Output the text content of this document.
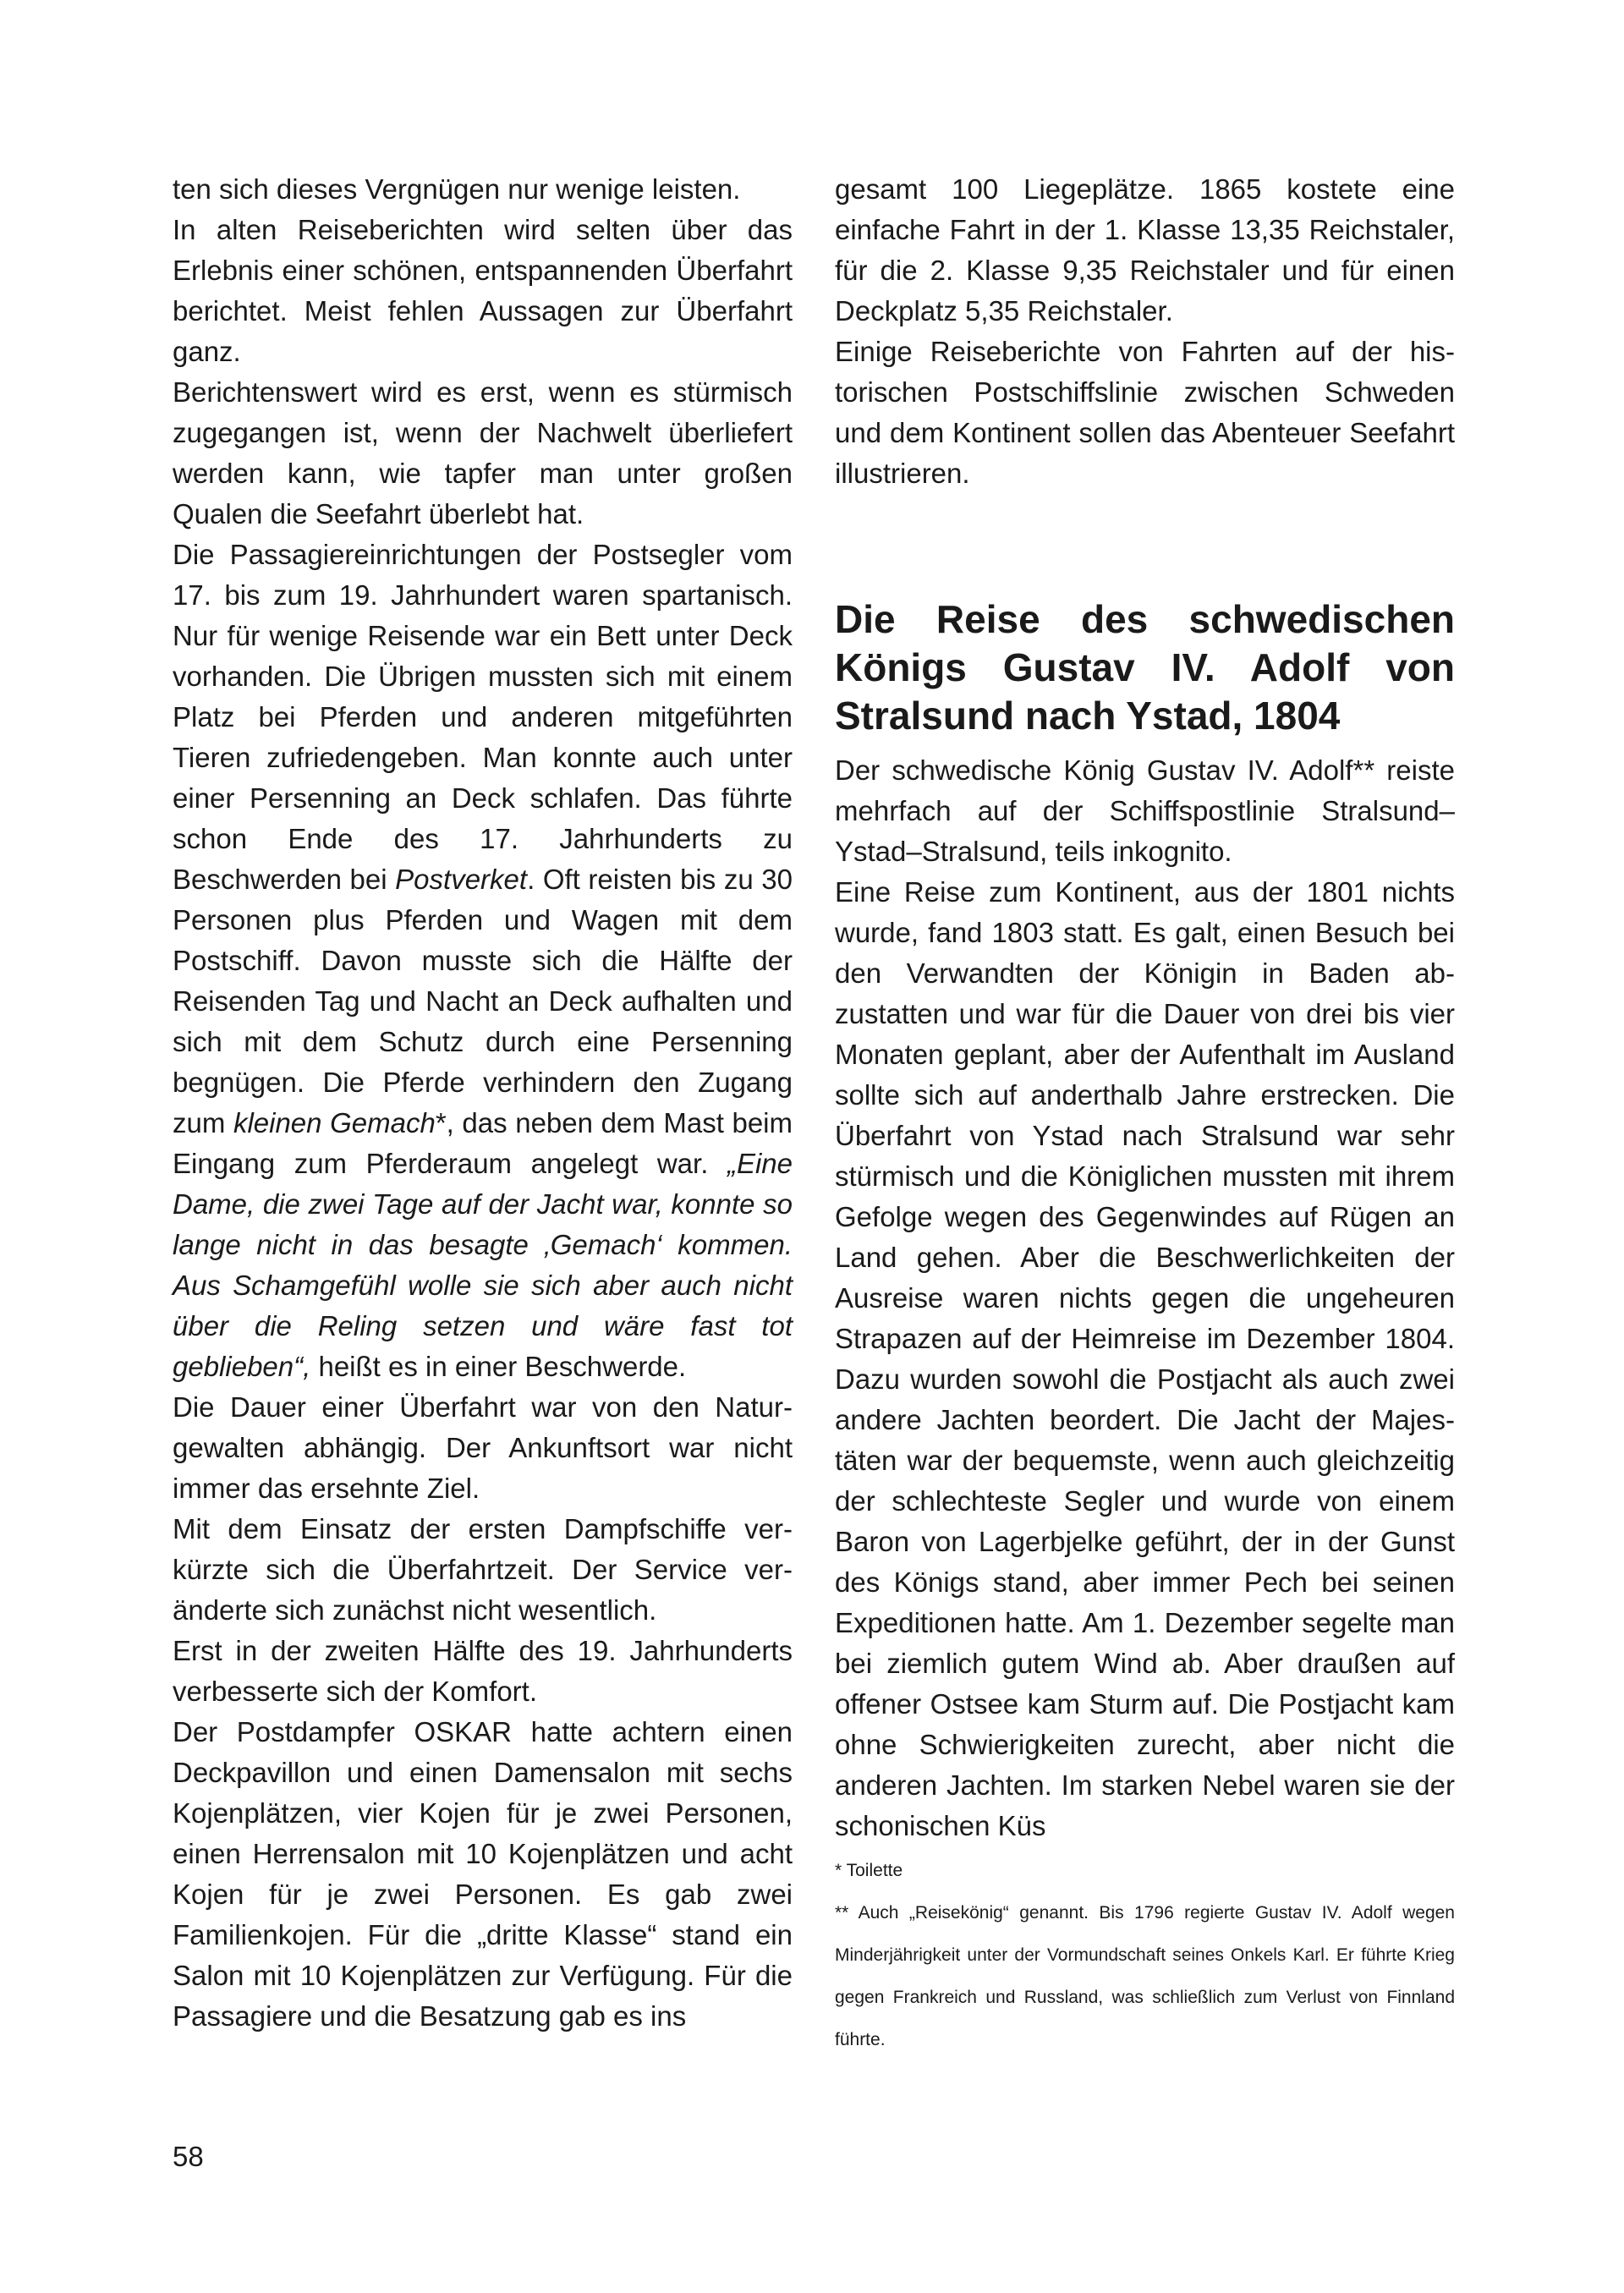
ten sich dieses Vergnügen nur wenige leisten.

In alten Reiseberichten wird selten über das Erlebnis einer schönen, entspannenden Überfahrt berichtet. Meist fehlen Aussagen zur Überfahrt ganz.

Berichtenswert wird es erst, wenn es stürmisch zugegangen ist, wenn der Nachwelt überliefert werden kann, wie tapfer man unter großen Qualen die Seefahrt überlebt hat.

Die Passagiereinrichtungen der Postsegler vom 17. bis zum 19. Jahrhundert waren spartanisch. Nur für wenige Reisende war ein Bett unter Deck vorhanden. Die Übrigen mussten sich mit einem Platz bei Pferden und anderen mitgeführten Tieren zufriedengeben. Man konnte auch unter einer Persenning an Deck schlafen. Das führte schon Ende des 17. Jahrhunderts zu Beschwerden bei Postverket. Oft reisten bis zu 30 Personen plus Pferden und Wagen mit dem Postschiff. Davon musste sich die Hälfte der Reisenden Tag und Nacht an Deck aufhalten und sich mit dem Schutz durch eine Persenning begnügen. Die Pferde verhindern den Zugang zum kleinen Gemach*, das neben dem Mast beim Eingang zum Pferderaum angelegt war. „Eine Dame, die zwei Tage auf der Jacht war, konnte so lange nicht in das besagte ‚Gemach‘ kommen. Aus Schamgefühl wolle sie sich aber auch nicht über die Reling setzen und wäre fast tot geblieben“, heißt es in einer Beschwerde.

Die Dauer einer Überfahrt war von den Naturgewalten abhängig. Der Ankunftsort war nicht immer das ersehnte Ziel.

Mit dem Einsatz der ersten Dampfschiffe verkürzte sich die Überfahrtzeit. Der Service veränderte sich zunächst nicht wesentlich.

Erst in der zweiten Hälfte des 19. Jahrhunderts verbesserte sich der Komfort.

Der Postdampfer OSKAR hatte achtern einen Deckpavillon und einen Damensalon mit sechs Kojenplätzen, vier Kojen für je zwei Personen, einen Herrensalon mit 10 Kojenplätzen und acht Kojen für je zwei Personen. Es gab zwei Familienkojen. Für die „dritte Klasse“ stand ein Salon mit 10 Kojenplätzen zur Verfügung. Für die Passagiere und die Besatzung gab es ins

gesamt 100 Liegeplätze. 1865 kostete eine einfache Fahrt in der 1. Klasse 13,35 Reichstaler, für die 2. Klasse 9,35 Reichstaler und für einen Deckplatz 5,35 Reichstaler.

Einige Reiseberichte von Fahrten auf der historischen Postschiffslinie zwischen Schweden und dem Kontinent sollen das Abenteuer Seefahrt illustrieren.

Die Reise des schwedischen Königs Gustav IV. Adolf von Stralsund nach Ystad, 1804

Der schwedische König Gustav IV. Adolf** reiste mehrfach auf der Schiffspostlinie Stralsund–Ystad–Stralsund, teils inkognito.

Eine Reise zum Kontinent, aus der 1801 nichts wurde, fand 1803 statt. Es galt, einen Besuch bei den Verwandten der Königin in Baden abzustatten und war für die Dauer von drei bis vier Monaten geplant, aber der Aufenthalt im Ausland sollte sich auf anderthalb Jahre erstrecken. Die Überfahrt von Ystad nach Stralsund war sehr stürmisch und die Königlichen mussten mit ihrem Gefolge wegen des Gegenwindes auf Rügen an Land gehen. Aber die Beschwerlichkeiten der Ausreise waren nichts gegen die ungeheuren Strapazen auf der Heimreise im Dezember 1804. Dazu wurden sowohl die Postjacht als auch zwei andere Jachten beordert. Die Jacht der Majestäten war der bequemste, wenn auch gleichzeitig der schlechteste Segler und wurde von einem Baron von Lagerbjelke geführt, der in der Gunst des Königs stand, aber immer Pech bei seinen Expeditionen hatte. Am 1. Dezember segelte man bei ziemlich gutem Wind ab. Aber draußen auf offener Ostsee kam Sturm auf. Die Postjacht kam ohne Schwierigkeiten zurecht, aber nicht die anderen Jachten. Im starken Nebel waren sie der schonischen Küs

* Toilette

** Auch „Reisekönig“ genannt. Bis 1796 regierte Gustav IV. Adolf wegen Minderjährigkeit unter der Vormundschaft seines Onkels Karl. Er führte Krieg gegen Frankreich und Russland, was schließlich zum Verlust von Finnland führte.

58
